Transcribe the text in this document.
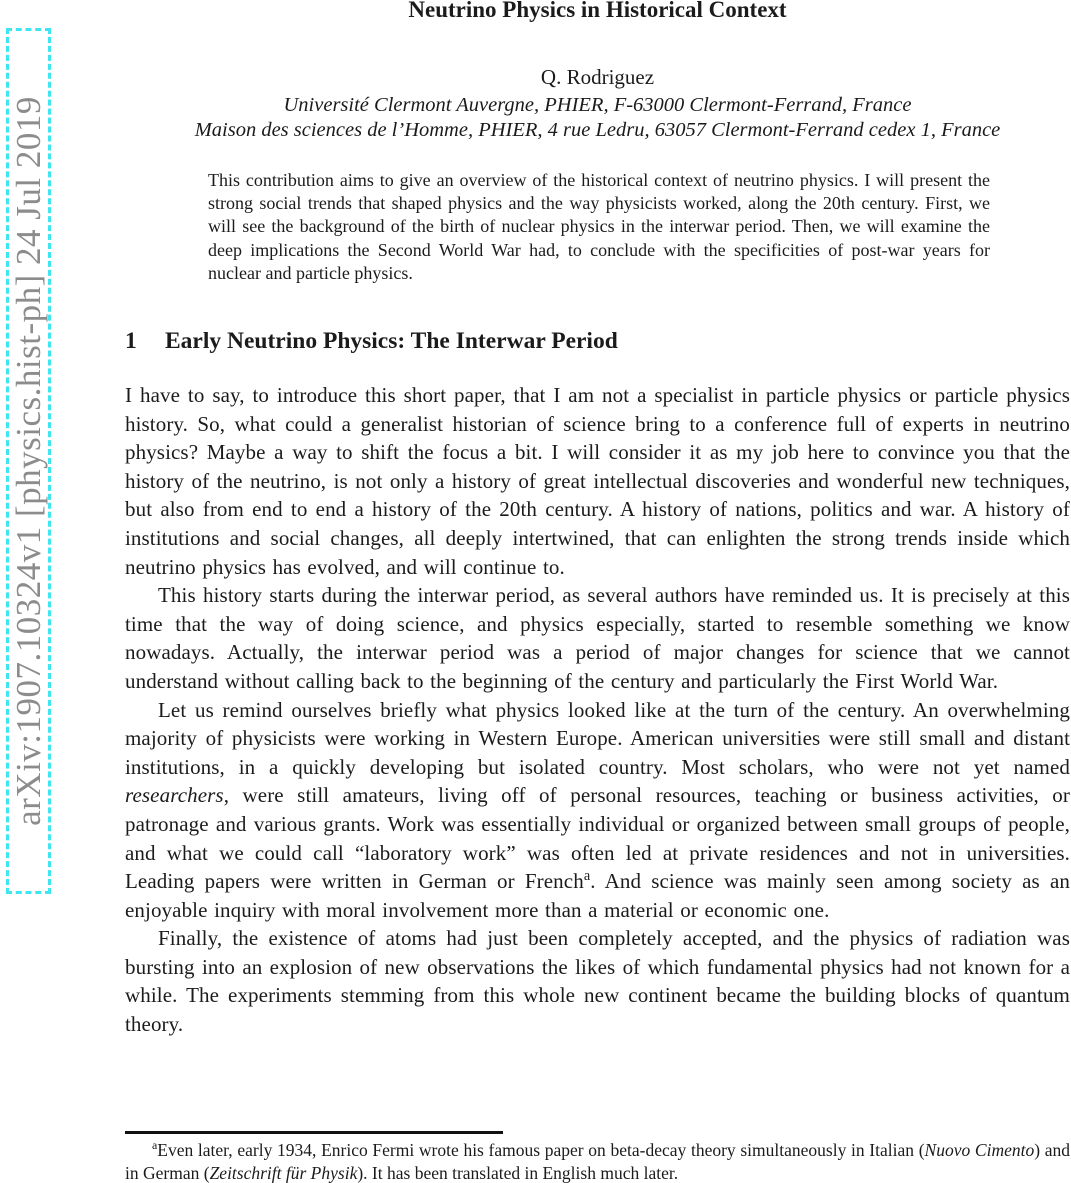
arXiv:1907.10324v1 [physics.hist-ph] 24 Jul 2019
Neutrino Physics in Historical Context
Q. Rodriguez
Université Clermont Auvergne, PHIER, F-63000 Clermont-Ferrand, France
Maison des sciences de l’Homme, PHIER, 4 rue Ledru, 63057 Clermont-Ferrand cedex 1, France
This contribution aims to give an overview of the historical context of neutrino physics. I will present the strong social trends that shaped physics and the way physicists worked, along the 20th century. First, we will see the background of the birth of nuclear physics in the interwar period. Then, we will examine the deep implications the Second World War had, to conclude with the specificities of post-war years for nuclear and particle physics.
1 Early Neutrino Physics: The Interwar Period

I have to say, to introduce this short paper, that I am not a specialist in particle physics or particle physics history. So, what could a generalist historian of science bring to a conference full of experts in neutrino physics? Maybe a way to shift the focus a bit. I will consider it as my job here to convince you that the history of the neutrino, is not only a history of great intellectual discoveries and wonderful new techniques, but also from end to end a history of the 20th century. A history of nations, politics and war. A history of institutions and social changes, all deeply intertwined, that can enlighten the strong trends inside which neutrino physics has evolved, and will continue to.

This history starts during the interwar period, as several authors have reminded us. It is precisely at this time that the way of doing science, and physics especially, started to resemble something we know nowadays. Actually, the interwar period was a period of major changes for science that we cannot understand without calling back to the beginning of the century and particularly the First World War.

Let us remind ourselves briefly what physics looked like at the turn of the century. An overwhelming majority of physicists were working in Western Europe. American universities were still small and distant institutions, in a quickly developing but isolated country. Most scholars, who were not yet named researchers, were still amateurs, living off of personal resources, teaching or business activities, or patronage and various grants. Work was essentially individual or organized between small groups of people, and what we could call “laboratory work” was often led at private residences and not in universities. Leading papers were written in German or French$^a$. And science was mainly seen among society as an enjoyable inquiry with moral involvement more than a material or economic one.

Finally, the existence of atoms had just been completely accepted, and the physics of radiation was bursting into an explosion of new observations the likes of which fundamental physics had not known for a while. The experiments stemming from this whole new continent became the building blocks of quantum theory.

$^a$Even later, early 1934, Enrico Fermi wrote his famous paper on beta-decay theory simultaneously in Italian (Nuovo Cimento) and in German (Zeitschrift für Physik). It has been translated in English much later.
